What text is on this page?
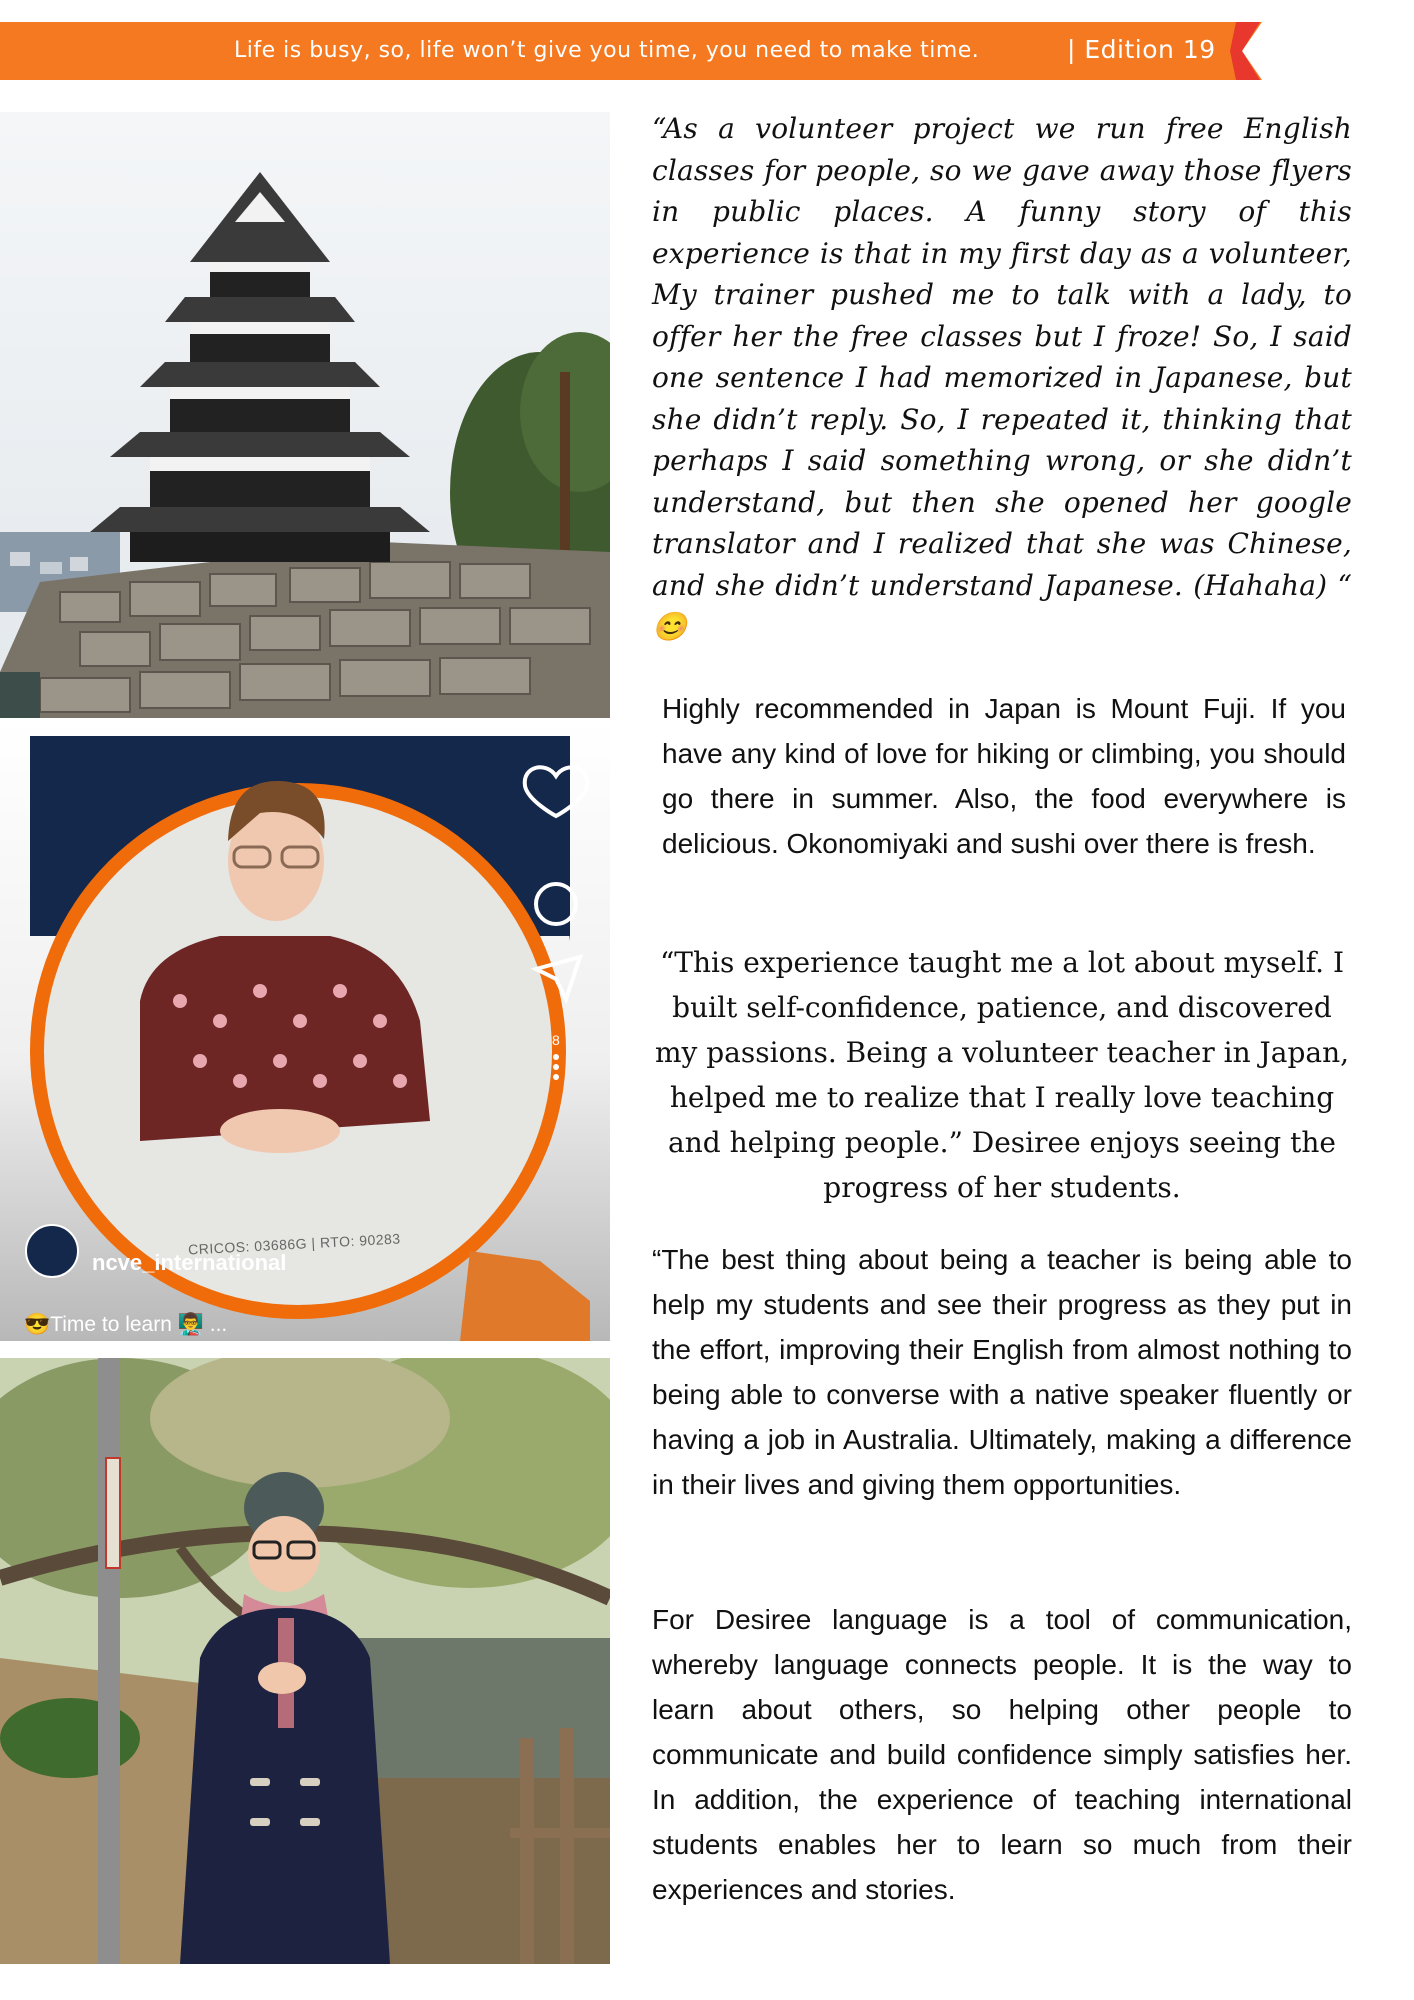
Life is busy, so, life won’t give you time, you need to make time.	| Edition 19
CRICOS: 03686G | RTO: 90283
ncve_international
😎Time to learn 👨‍🏫 ...
8
“As a volunteer project we run free English classes for people, so we gave away those flyers in public places. A funny story of this experience is that in my first day as a volunteer, My trainer pushed me to talk with a lady, to offer her the free classes but I froze! So, I said one sentence I had memorized in Japanese, but she didn’t reply. So, I repeated it, thinking that perhaps I said something wrong, or she didn’t understand, but then she opened her google translator and I realized that she was Chinese, and she didn’t understand Japanese. (Hahaha) “ 😊
Highly recommended in Japan is Mount Fuji. If you have any kind of love for hiking or climbing, you should go there in summer. Also, the food everywhere is delicious. Okonomiyaki and sushi over there is fresh.
“This experience taught me a lot about myself. I built self-confidence, patience, and discovered my passions. Being a volunteer teacher in Japan, helped me to realize that I really love teaching and helping people.” Desiree enjoys seeing the progress of her students.
“The best thing about being a teacher is being able to help my students and see their progress as they put in the effort, improving their English from almost nothing to being able to converse with a native speaker fluently or having a job in Australia. Ultimately, making a difference in their lives and giving them opportunities.
For Desiree language is a tool of communication, whereby language connects people. It is the way to learn about others, so helping other people to communicate and build confidence simply satisfies her. In addition, the experience of teaching international students enables her to learn so much from their experiences and stories.
